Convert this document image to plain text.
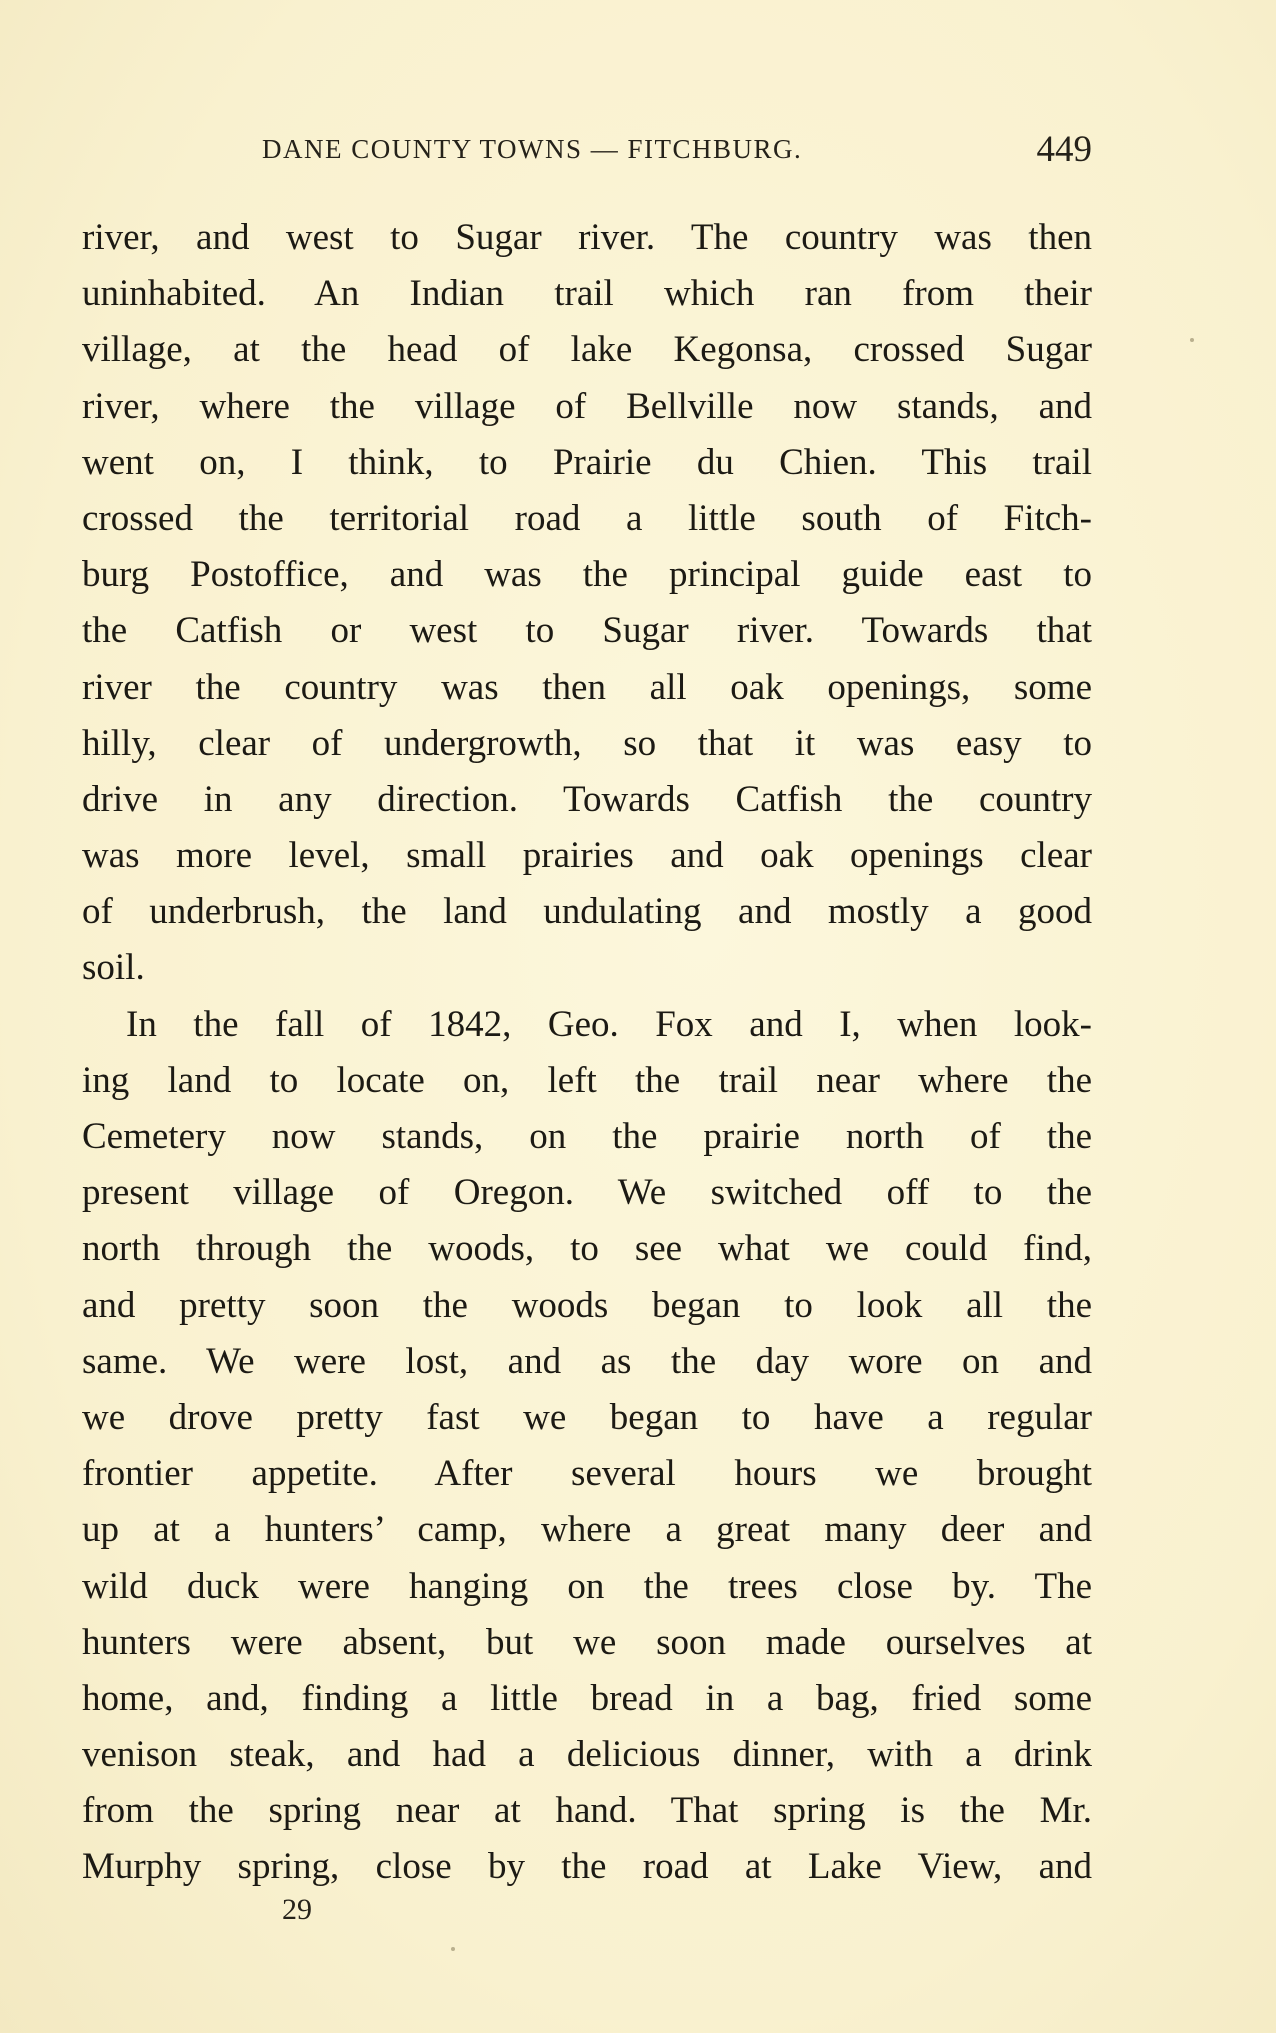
DANE COUNTY TOWNS — FITCHBURG.	449
river, and west to Sugar river. The country was then
uninhabited. An Indian trail which ran from their
village, at the head of lake Kegonsa, crossed Sugar
river, where the village of Bellville now stands, and
went on, I think, to Prairie du Chien. This trail
crossed the territorial road a little south of Fitch-
burg Postoffice, and was the principal guide east to
the Catfish or west to Sugar river. Towards that
river the country was then all oak openings, some
hilly, clear of undergrowth, so that it was easy to
drive in any direction. Towards Catfish the country
was more level, small prairies and oak openings clear
of underbrush, the land undulating and mostly a good
soil.
In the fall of 1842, Geo. Fox and I, when look-
ing land to locate on, left the trail near where the
Cemetery now stands, on the prairie north of the
present village of Oregon. We switched off to the
north through the woods, to see what we could find,
and pretty soon the woods began to look all the
same. We were lost, and as the day wore on and
we drove pretty fast we began to have a regular
frontier appetite. After several hours we brought
up at a hunters’ camp, where a great many deer and
wild duck were hanging on the trees close by. The
hunters were absent, but we soon made ourselves at
home, and, finding a little bread in a bag, fried some
venison steak, and had a delicious dinner, with a drink
from the spring near at hand. That spring is the Mr.
Murphy spring, close by the road at Lake View, and
29
